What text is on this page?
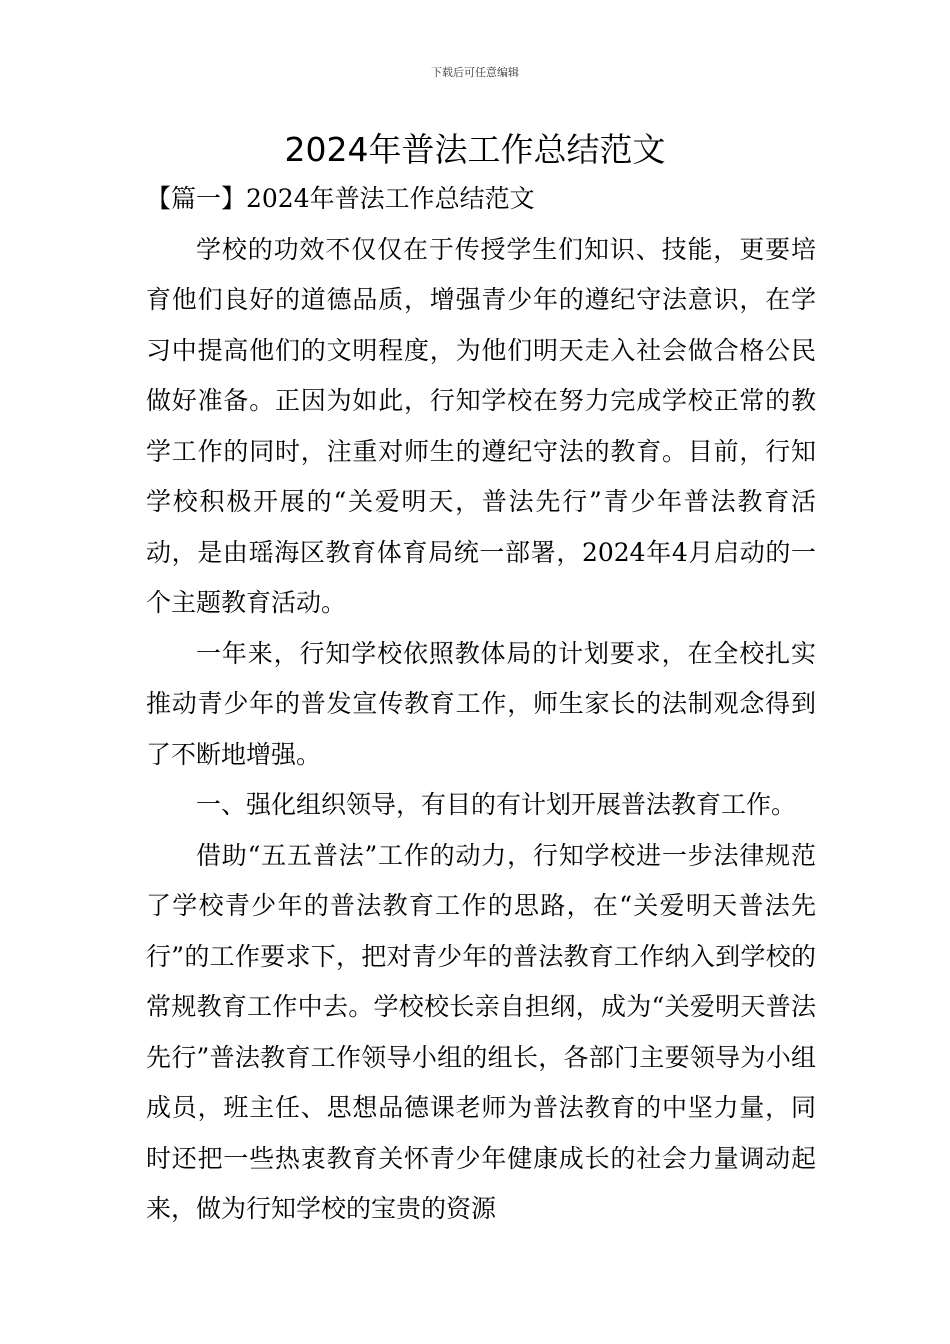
下载后可任意编辑
2024年普法工作总结范文

【篇一】2024年普法工作总结范文

学校的功效不仅仅在于传授学生们知识、技能，更要培育他们良好的道德品质，增强青少年的遵纪守法意识，在学习中提高他们的文明程度，为他们明天走入社会做合格公民做好准备。正因为如此，行知学校在努力完成学校正常的教学工作的同时，注重对师生的遵纪守法的教育。目前，行知学校积极开展的“关爱明天，普法先行”青少年普法教育活动，是由瑶海区教育体育局统一部署，2024年4月启动的一个主题教育活动。

一年来，行知学校依照教体局的计划要求，在全校扎实推动青少年的普发宣传教育工作，师生家长的法制观念得到了不断地增强。

一、强化组织领导，有目的有计划开展普法教育工作。

借助“五五普法”工作的动力，行知学校进一步法律规范了学校青少年的普法教育工作的思路，在“关爱明天普法先行”的工作要求下，把对青少年的普法教育工作纳入到学校的常规教育工作中去。学校校长亲自担纲，成为“关爱明天普法先行”普法教育工作领导小组的组长，各部门主要领导为小组成员，班主任、思想品德课老师为普法教育的中坚力量，同时还把一些热衷教育关怀青少年健康成长的社会力量调动起来，做为行知学校的宝贵的资源
